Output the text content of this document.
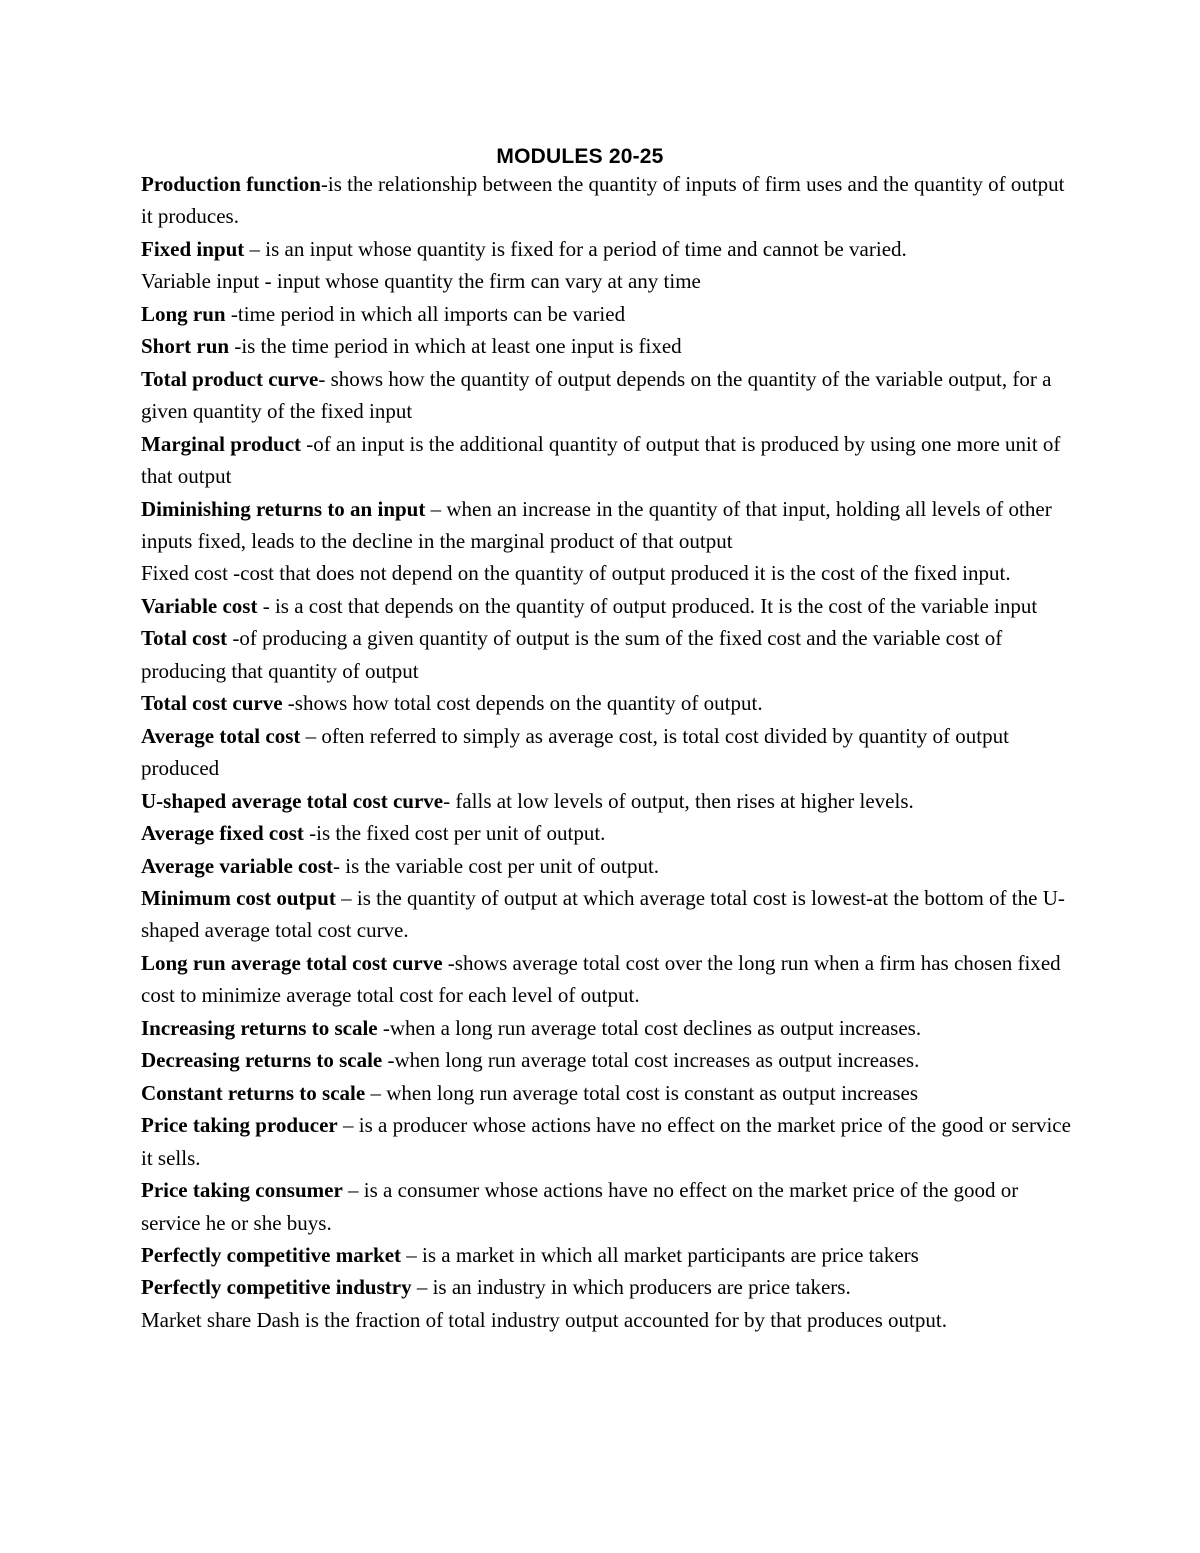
MODULES 20-25

Production function-is the relationship between the quantity of inputs of firm uses and the quantity of output it produces.

Fixed input – is an input whose quantity is fixed for a period of time and cannot be varied.

Variable input - input whose quantity the firm can vary at any time

Long run -time period in which all imports can be varied

Short run -is the time period in which at least one input is fixed

Total product curve- shows how the quantity of output depends on the quantity of the variable output, for a given quantity of the fixed input

Marginal product -of an input is the additional quantity of output that is produced by using one more unit of that output

Diminishing returns to an input – when an increase in the quantity of that input, holding all levels of other inputs fixed, leads to the decline in the marginal product of that output

Fixed cost -cost that does not depend on the quantity of output produced it is the cost of the fixed input.

Variable cost - is a cost that depends on the quantity of output produced. It is the cost of the variable input

Total cost -of producing a given quantity of output is the sum of the fixed cost and the variable cost of producing that quantity of output

Total cost curve -shows how total cost depends on the quantity of output.

Average total cost – often referred to simply as average cost, is total cost divided by quantity of output produced

U-shaped average total cost curve- falls at low levels of output, then rises at higher levels.

Average fixed cost -is the fixed cost per unit of output.

Average variable cost- is the variable cost per unit of output.

Minimum cost output – is the quantity of output at which average total cost is lowest-at the bottom of the U-shaped average total cost curve.

Long run average total cost curve -shows average total cost over the long run when a firm has chosen fixed cost to minimize average total cost for each level of output.

Increasing returns to scale -when a long run average total cost declines as output increases.

Decreasing returns to scale -when long run average total cost increases as output increases.

Constant returns to scale – when long run average total cost is constant as output increases

Price taking producer – is a producer whose actions have no effect on the market price of the good or service it sells.

Price taking consumer – is a consumer whose actions have no effect on the market price of the good or service he or she buys.

Perfectly competitive market – is a market in which all market participants are price takers

Perfectly competitive industry – is an industry in which producers are price takers.

Market share Dash is the fraction of total industry output accounted for by that produces output.
